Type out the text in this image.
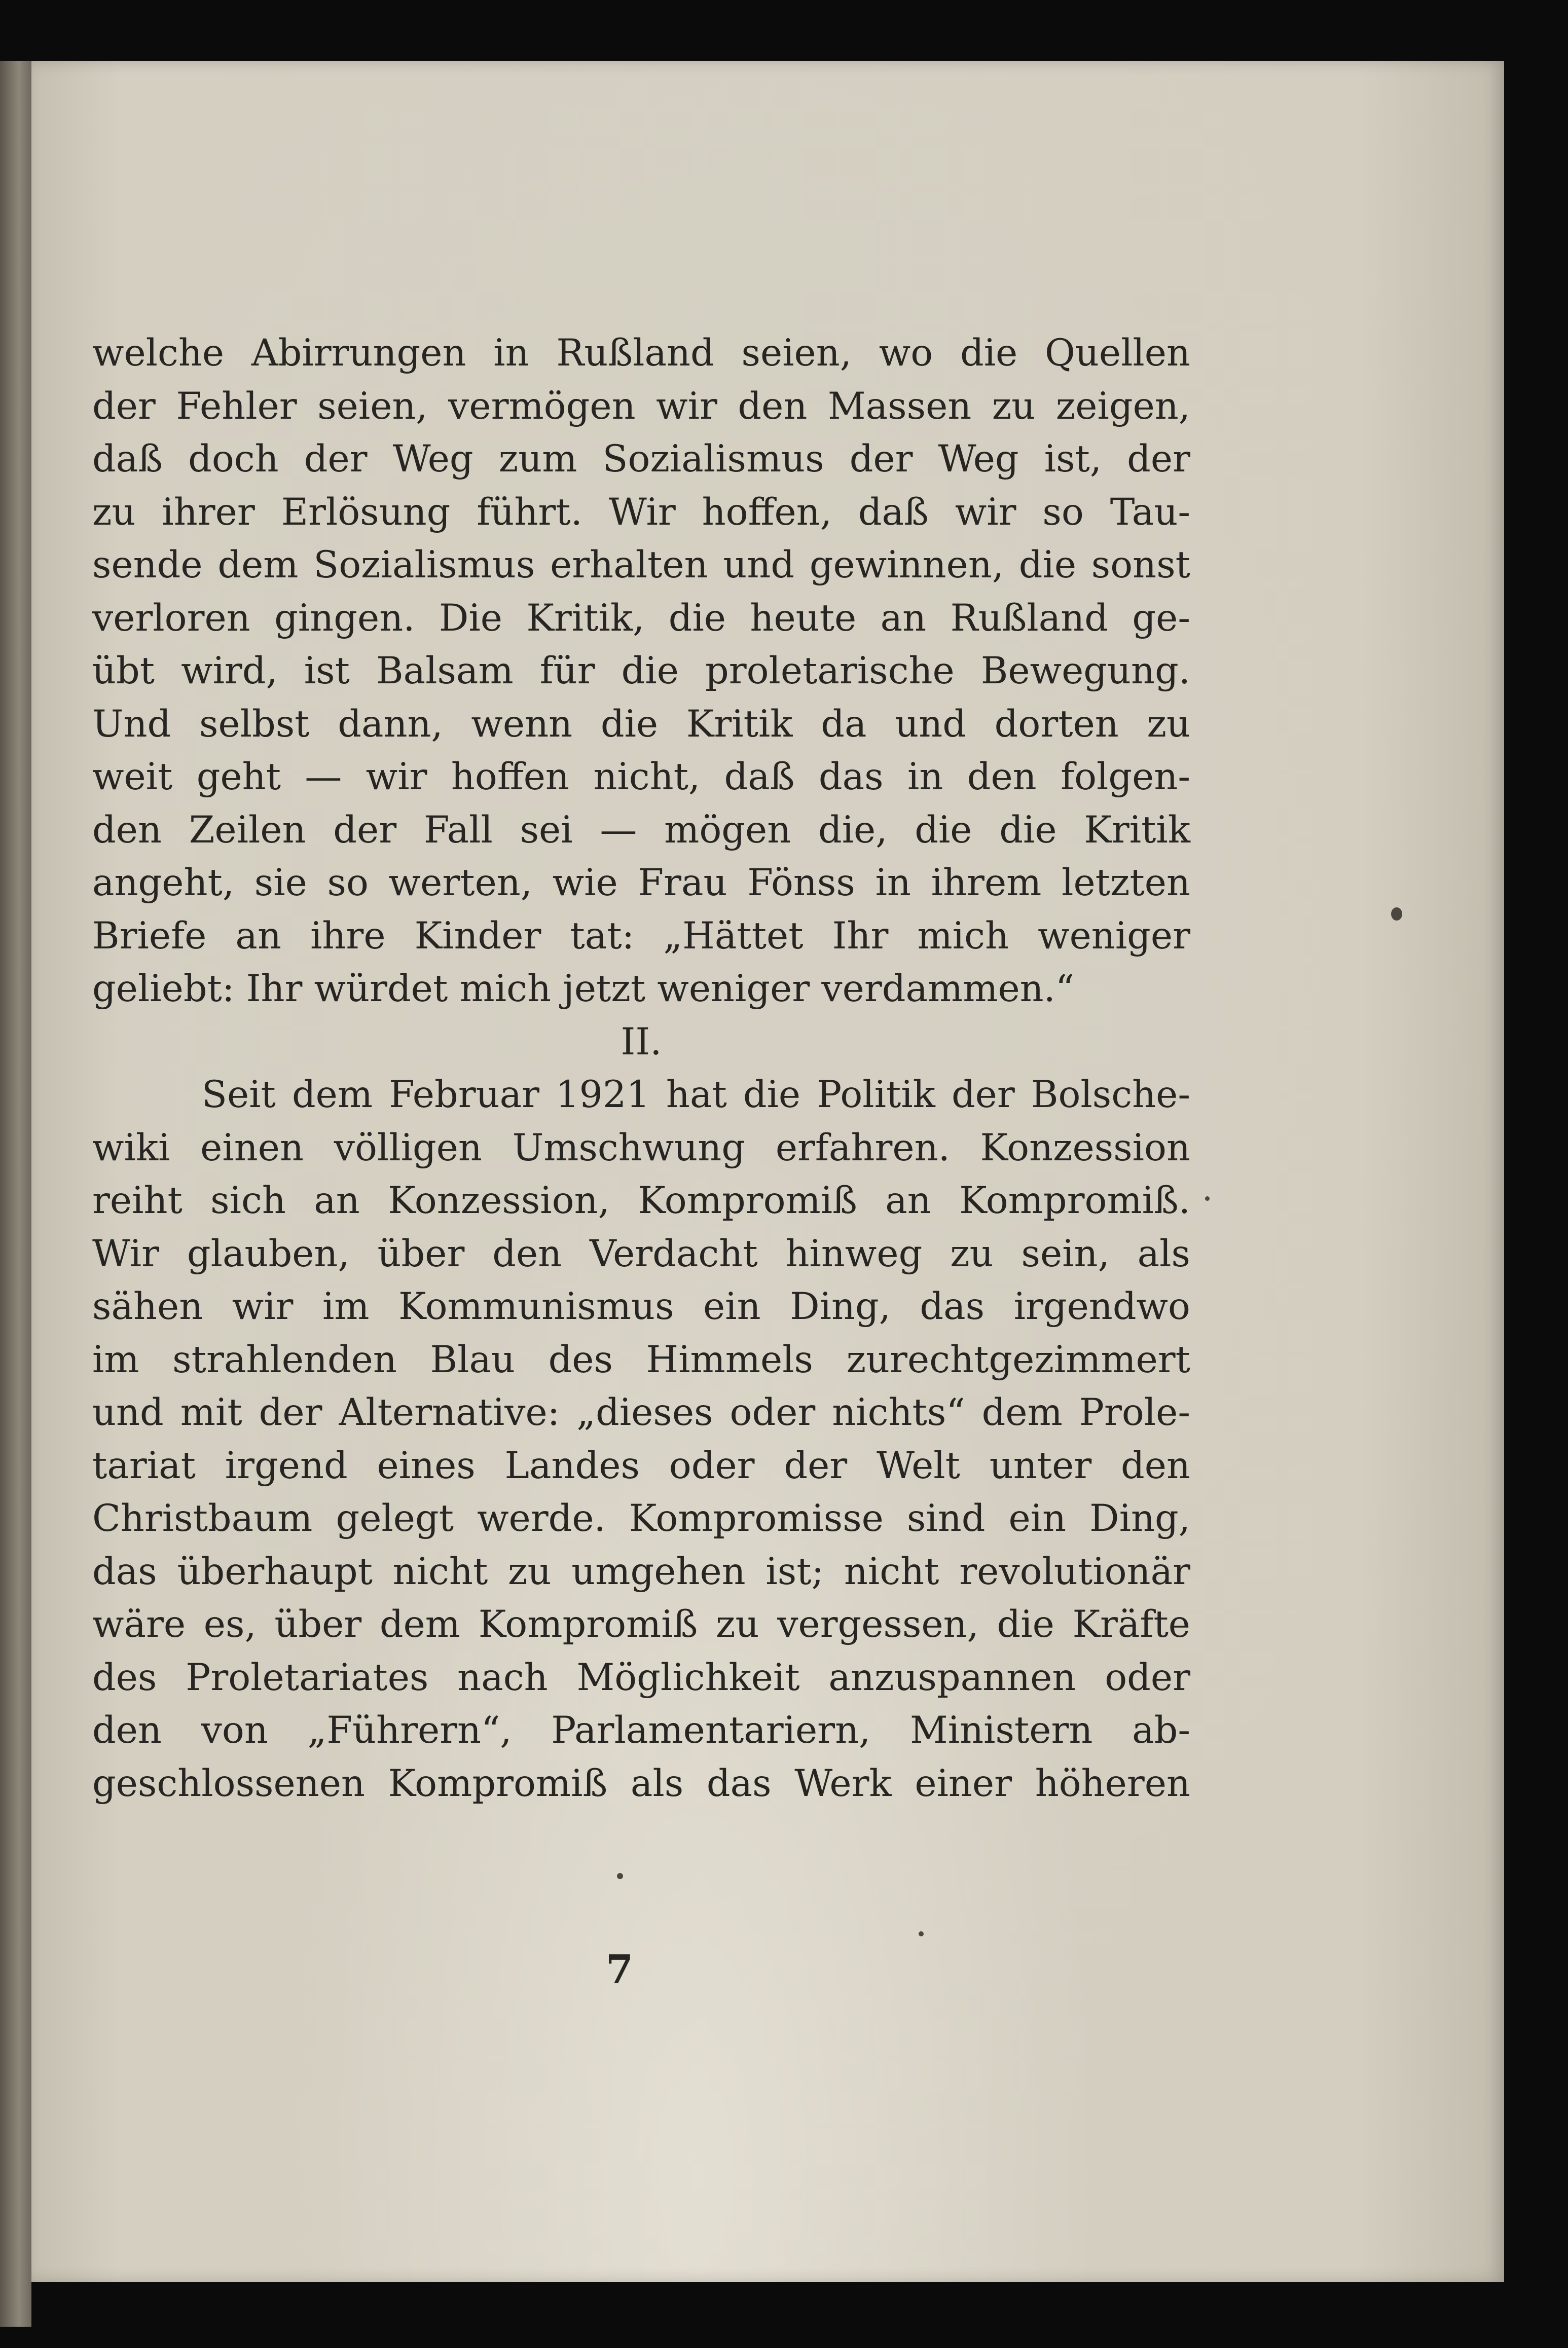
welche Abirrungen in Rußland seien, wo die Quellen
der Fehler seien, vermögen wir den Massen zu zeigen,
daß doch der Weg zum Sozialismus der Weg ist, der
zu ihrer Erlösung führt. Wir hoffen, daß wir so Tau-
sende dem Sozialismus erhalten und gewinnen, die sonst
verloren gingen. Die Kritik, die heute an Rußland ge-
übt wird, ist Balsam für die proletarische Bewegung.
Und selbst dann, wenn die Kritik da und dorten zu
weit geht — wir hoffen nicht, daß das in den folgen-
den Zeilen der Fall sei — mögen die, die die Kritik
angeht, sie so werten, wie Frau Fönss in ihrem letzten
Briefe an ihre Kinder tat: „Hättet Ihr mich weniger
geliebt: Ihr würdet mich jetzt weniger verdammen.“
II.
Seit dem Februar 1921 hat die Politik der Bolsche-
wiki einen völligen Umschwung erfahren. Konzession
reiht sich an Konzession, Kompromiß an Kompromiß.
Wir glauben, über den Verdacht hinweg zu sein, als
sähen wir im Kommunismus ein Ding, das irgendwo
im strahlenden Blau des Himmels zurechtgezimmert
und mit der Alternative: „dieses oder nichts“ dem Prole-
tariat irgend eines Landes oder der Welt unter den
Christbaum gelegt werde. Kompromisse sind ein Ding,
das überhaupt nicht zu umgehen ist; nicht revolutionär
wäre es, über dem Kompromiß zu vergessen, die Kräfte
des Proletariates nach Möglichkeit anzuspannen oder
den von „Führern“, Parlamentariern, Ministern ab-
geschlossenen Kompromiß als das Werk einer höheren
7
